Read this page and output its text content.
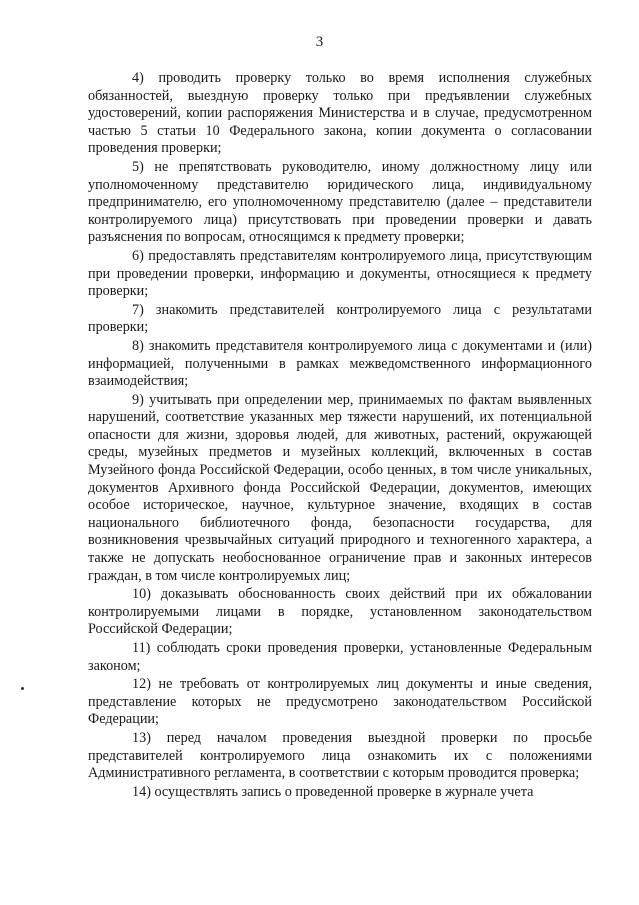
3

4) проводить проверку только во время исполнения служебных обязанностей, выездную проверку только при предъявлении служебных удостоверений, копии распоряжения Министерства и в случае, предусмотренном частью 5 статьи 10 Федерального закона, копии документа о согласовании проведения проверки;

5) не препятствовать руководителю, иному должностному лицу или уполномоченному представителю юридического лица, индивидуальному предпринимателю, его уполномоченному представителю (далее – представители контролируемого лица) присутствовать при проведении проверки и давать разъяснения по вопросам, относящимся к предмету проверки;

6) предоставлять представителям контролируемого лица, присутствующим при проведении проверки, информацию и документы, относящиеся к предмету проверки;

7) знакомить представителей контролируемого лица с результатами проверки;

8) знакомить представителя контролируемого лица с документами и (или) информацией, полученными в рамках межведомственного информационного взаимодействия;

9) учитывать при определении мер, принимаемых по фактам выявленных нарушений, соответствие указанных мер тяжести нарушений, их потенциальной опасности для жизни, здоровья людей, для животных, растений, окружающей среды, музейных предметов и музейных коллекций, включенных в состав Музейного фонда Российской Федерации, особо ценных, в том числе уникальных, документов Архивного фонда Российской Федерации, документов, имеющих особое историческое, научное, культурное значение, входящих в состав национального библиотечного фонда, безопасности государства, для возникновения чрезвычайных ситуаций природного и техногенного характера, а также не допускать необоснованное ограничение прав и законных интересов граждан, в том числе контролируемых лиц;

10) доказывать обоснованность своих действий при их обжаловании контролируемыми лицами в порядке, установленном законодательством Российской Федерации;

11) соблюдать сроки проведения проверки, установленные Федеральным законом;

12) не требовать от контролируемых лиц документы и иные сведения, представление которых не предусмотрено законодательством Российской Федерации;

13) перед началом проведения выездной проверки по просьбе представителей контролируемого лица ознакомить их с положениями Административного регламента, в соответствии с которым проводится проверка;

14) осуществлять запись о проведенной проверке в журнале учета
